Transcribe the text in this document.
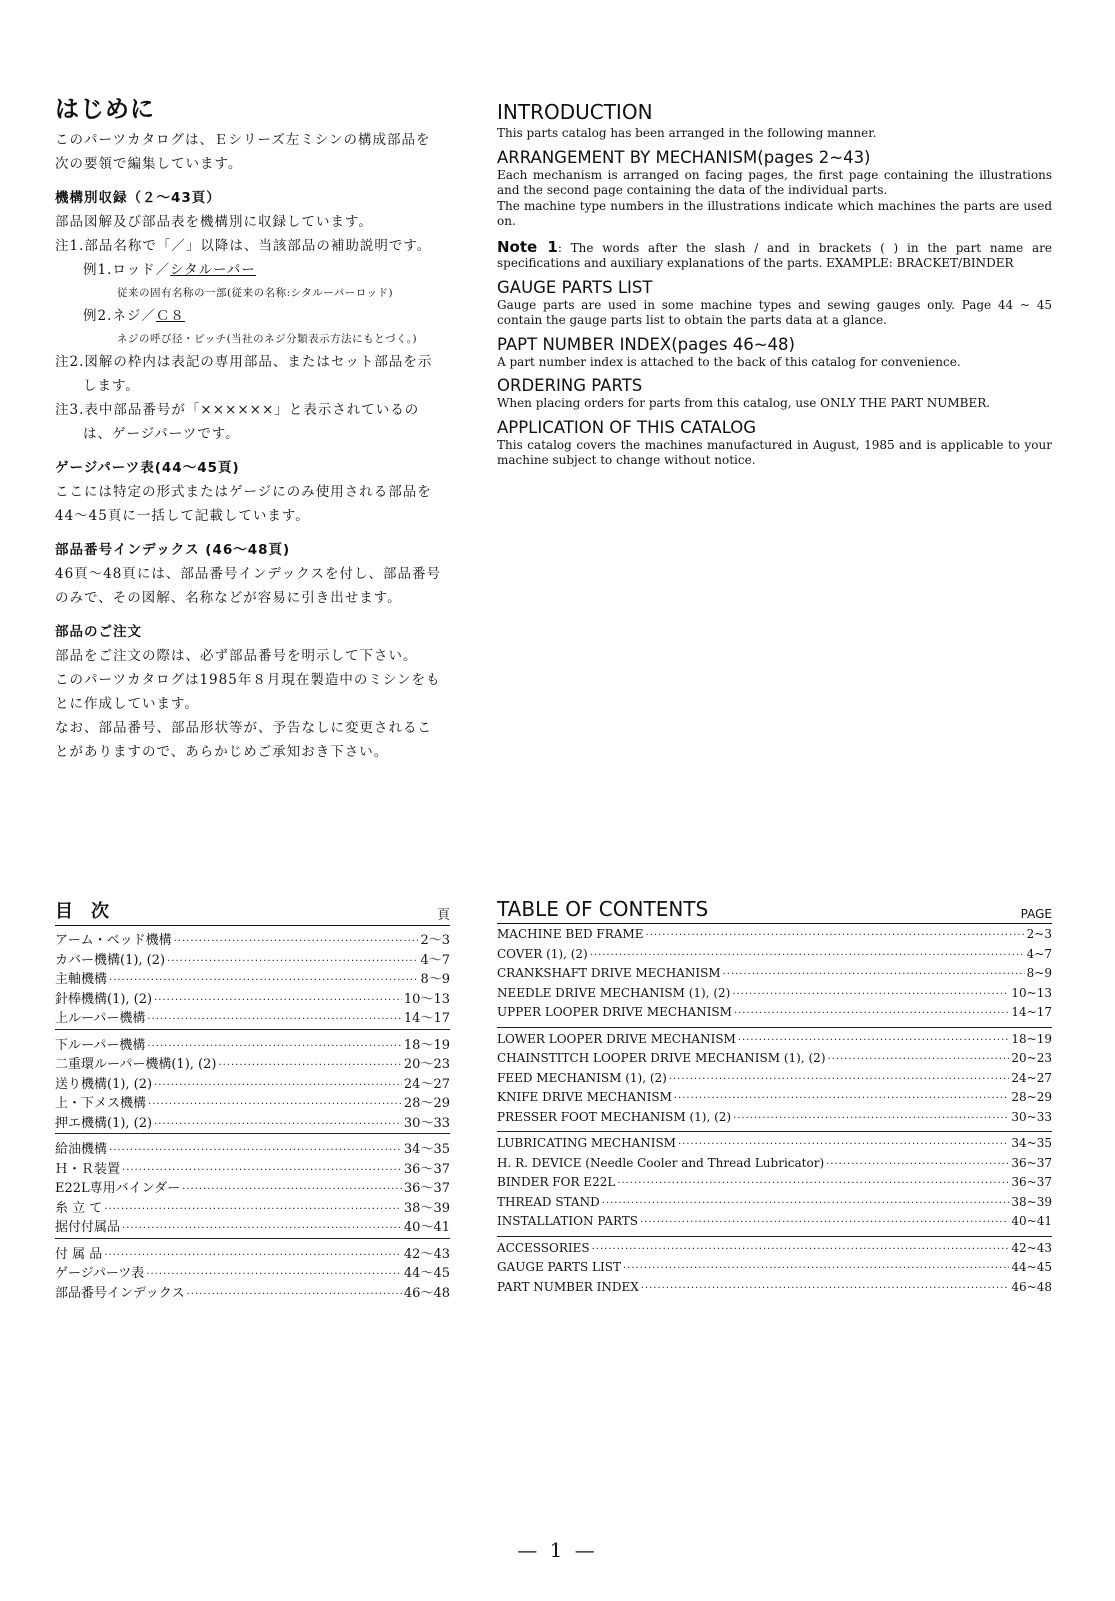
はじめに

このパーツカタログは、Ｅシリーズ左ミシンの構成部品を

次の要領で編集しています。

機構別収録（２～43頁）

部品図解及び部品表を機構別に収録しています。

注1.部品名称で「／」以降は、当該部品の補助説明です。

例1.ロッド／シタルーパー

従来の固有名称の一部(従来の名称:シタルーパーロッド)

例2.ネジ／Ｃ８

ネジの呼び径・ピッチ(当社のネジ分類表示方法にもとづく。)

注2.図解の枠内は表記の専用部品、またはセット部品を示

します。

注3.表中部品番号が「××××××」と表示されているの

は、ゲージパーツです。

ゲージパーツ表(44～45頁)

ここには特定の形式またはゲージにのみ使用される部品を

44～45頁に一括して記載しています。

部品番号インデックス (46～48頁)

46頁～48頁には、部品番号インデックスを付し、部品番号

のみで、その図解、名称などが容易に引き出せます。

部品のご注文

部品をご注文の際は、必ず部品番号を明示して下さい。

このパーツカタログは1985年８月現在製造中のミシンをも

とに作成しています。

なお、部品番号、部品形状等が、予告なしに変更されるこ

とがありますので、あらかじめご承知おき下さい。

INTRODUCTION

This parts catalog has been arranged in the following manner.

ARRANGEMENT BY MECHANISM(pages 2~43)

Each mechanism is arranged on facing pages, the first page containing the illustrations and the second page containing the data of the individual parts.

The machine type numbers in the illustrations indicate which machines the parts are used on.

Note 1: The words after the slash / and in brackets ( ) in the part name are specifications and auxiliary explanations of the parts. EXAMPLE: BRACKET/BINDER

GAUGE PARTS LIST

Gauge parts are used in some machine types and sewing gauges only. Page 44 ~ 45 contain the gauge parts list to obtain the parts data at a glance.

PAPT NUMBER INDEX(pages 46~48)

A part number index is attached to the back of this catalog for convenience.

ORDERING PARTS

When placing orders for parts from this catalog, use ONLY THE PART NUMBER.

APPLICATION OF THIS CATALOG

This catalog covers the machines manufactured in August, 1985 and is applicable to your machine subject to change without notice.

目次	頁
アーム・ベッド機構 ·····	2～3
カバー機構(1), (2) ·····	4～7
主軸機構 ·····	8～9
針棒機構(1), (2) ·····	10～13
上ルーパー機構 ·····	14～17
下ルーパー機構 ·····	18～19
二重環ルーパー機構(1), (2) ·····	20～23
送り機構(1), (2) ·····	24～27
上・下メス機構 ·····	28～29
押エ機構(1), (2) ·····	30～33
給油機構 ·····	34～35
Ｈ・Ｒ装置 ·····	36～37
E22L専用バインダー ·····	36～37
糸 立 て ·····	38～39
据付付属品 ·····	40～41
付 属 品 ·····	42～43
ゲージパーツ表 ·····	44～45
部品番号インデックス ·····	46～48
TABLE OF CONTENTS	PAGE
MACHINE BED FRAME ·····	2~3
COVER (1), (2) ·····	4~7
CRANKSHAFT DRIVE MECHANISM ·····	8~9
NEEDLE DRIVE MECHANISM (1), (2) ·····	10~13
UPPER LOOPER DRIVE MECHANISM ·····	14~17
LOWER LOOPER DRIVE MECHANISM ·····	18~19
CHAINSTITCH LOOPER DRIVE MECHANISM (1), (2) ·····	20~23
FEED MECHANISM (1), (2) ·····	24~27
KNIFE DRIVE MECHANISM ·····	28~29
PRESSER FOOT MECHANISM (1), (2) ·····	30~33
LUBRICATING MECHANISM ·····	34~35
H. R. DEVICE (Needle Cooler and Thread Lubricator) ·····	36~37
BINDER FOR E22L ·····	36~37
THREAD STAND ·····	38~39
INSTALLATION PARTS ·····	40~41
ACCESSORIES ·····	42~43
GAUGE PARTS LIST ·····	44~45
PART NUMBER INDEX ·····	46~48
— 1 —
